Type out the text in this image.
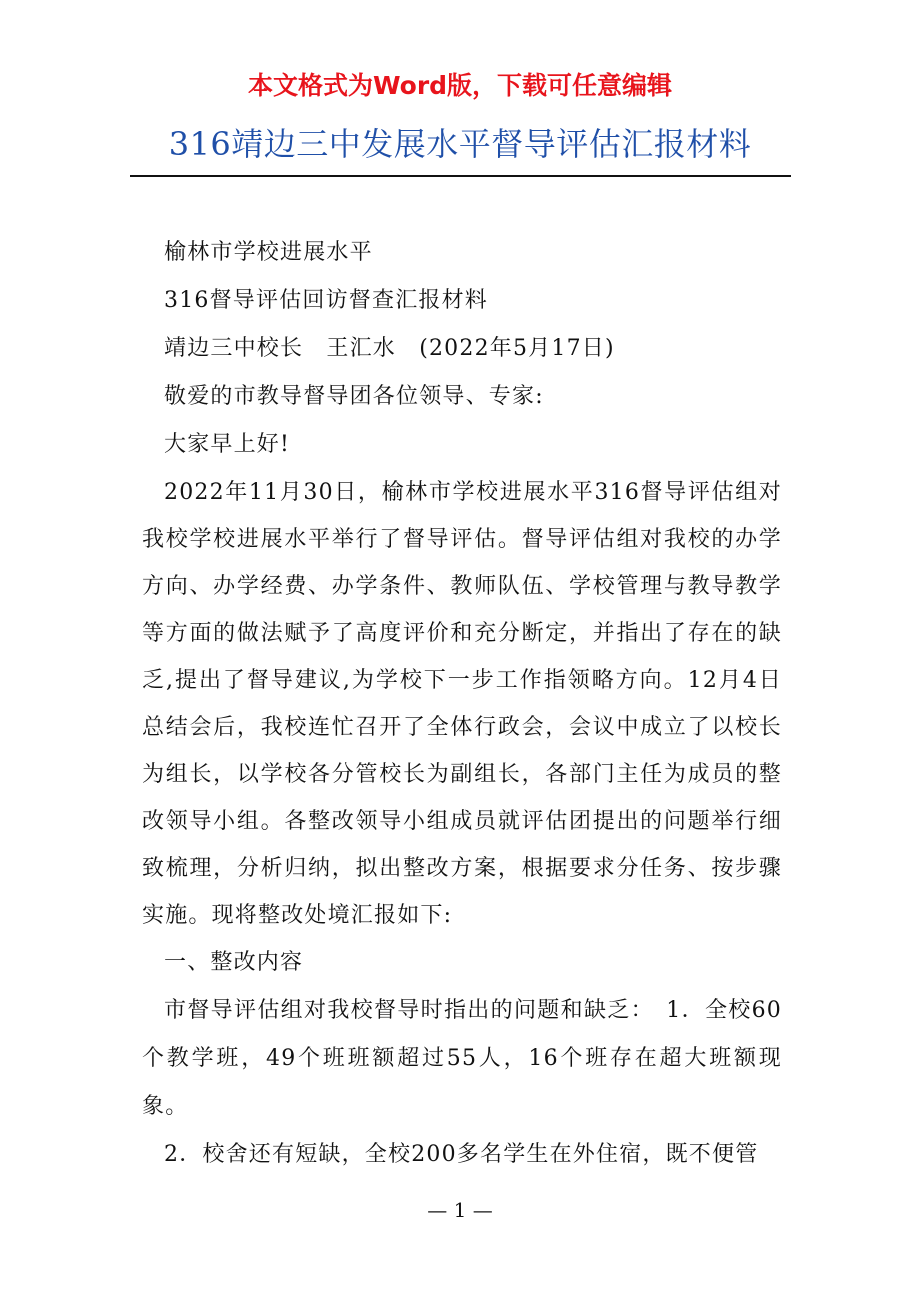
本文格式为Word版，下载可任意编辑
316靖边三中发展水平督导评估汇报材料

榆林市学校进展水平

316督导评估回访督查汇报材料

靖边三中校长　王汇水　(2022年5月17日)

敬爱的市教导督导团各位领导、专家:

大家早上好!

2022年11月30日，榆林市学校进展水平316督导评估组对我校学校进展水平举行了督导评估。督导评估组对我校的办学方向、办学经费、办学条件、教师队伍、学校管理与教导教学等方面的做法赋予了高度评价和充分断定，并指出了存在的缺乏,提出了督导建议,为学校下一步工作指领略方向。12月4日总结会后，我校连忙召开了全体行政会，会议中成立了以校长为组长，以学校各分管校长为副组长，各部门主任为成员的整改领导小组。各整改领导小组成员就评估团提出的问题举行细致梳理，分析归纳，拟出整改方案，根据要求分任务、按步骤实施。现将整改处境汇报如下:

一、整改内容

市督导评估组对我校督导时指出的问题和缺乏：　1．全校60个教学班，49个班班额超过55人，16个班存在超大班额现象。

2．校舍还有短缺，全校200多名学生在外住宿，既不便管

— 1 —
